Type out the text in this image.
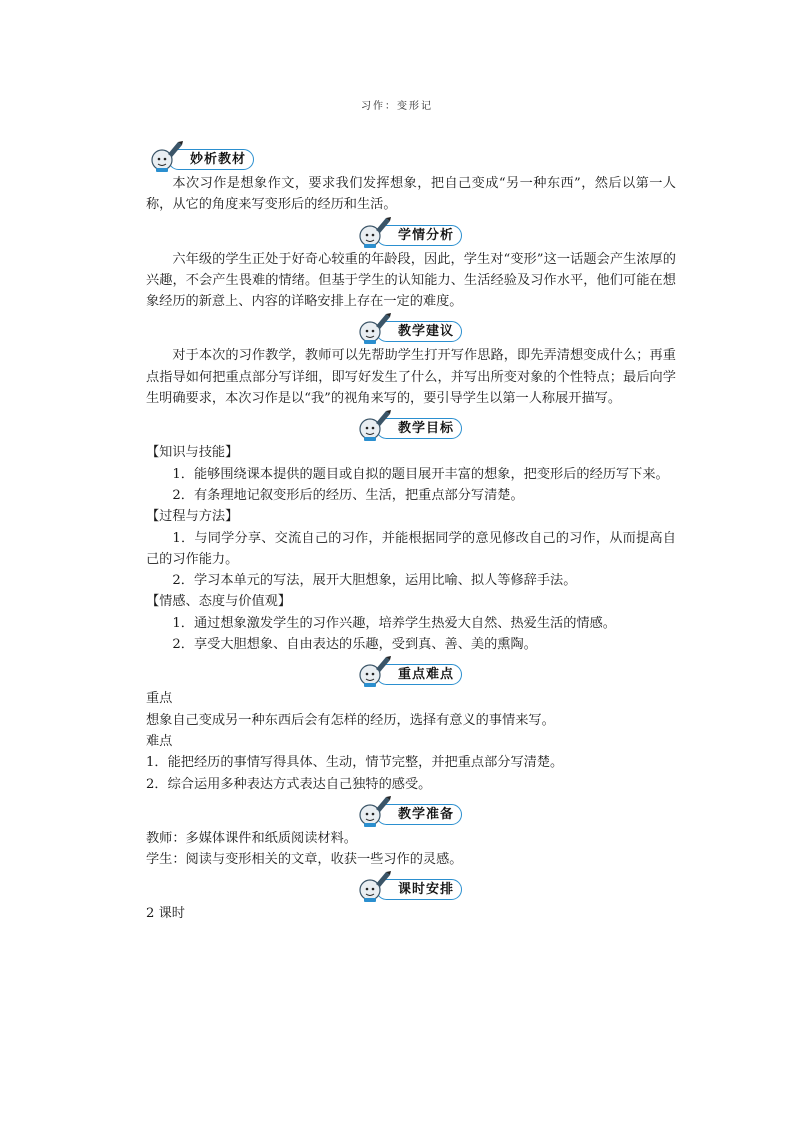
习作：变形记
妙析教材

本次习作是想象作文，要求我们发挥想象，把自己变成“另一种东西”，然后以第一人称，从它的角度来写变形后的经历和生活。

学情分析

六年级的学生正处于好奇心较重的年龄段，因此，学生对“变形”这一话题会产生浓厚的兴趣，不会产生畏难的情绪。但基于学生的认知能力、生活经验及习作水平，他们可能在想象经历的新意上、内容的详略安排上存在一定的难度。

教学建议

对于本次的习作教学，教师可以先帮助学生打开写作思路，即先弄清想变成什么；再重点指导如何把重点部分写详细，即写好发生了什么，并写出所变对象的个性特点；最后向学生明确要求，本次习作是以“我”的视角来写的，要引导学生以第一人称展开描写。

教学目标

【知识与技能】

1．能够围绕课本提供的题目或自拟的题目展开丰富的想象，把变形后的经历写下来。

2．有条理地记叙变形后的经历、生活，把重点部分写清楚。

【过程与方法】

1．与同学分享、交流自己的习作，并能根据同学的意见修改自己的习作，从而提高自己的习作能力。

2．学习本单元的写法，展开大胆想象，运用比喻、拟人等修辞手法。

【情感、态度与价值观】

1．通过想象激发学生的习作兴趣，培养学生热爱大自然、热爱生活的情感。

2．享受大胆想象、自由表达的乐趣，受到真、善、美的熏陶。

重点难点

重点

想象自己变成另一种东西后会有怎样的经历，选择有意义的事情来写。

难点

1．能把经历的事情写得具体、生动，情节完整，并把重点部分写清楚。

2．综合运用多种表达方式表达自己独特的感受。

教学准备

教师：多媒体课件和纸质阅读材料。

学生：阅读与变形相关的文章，收获一些习作的灵感。

课时安排

2 课时
